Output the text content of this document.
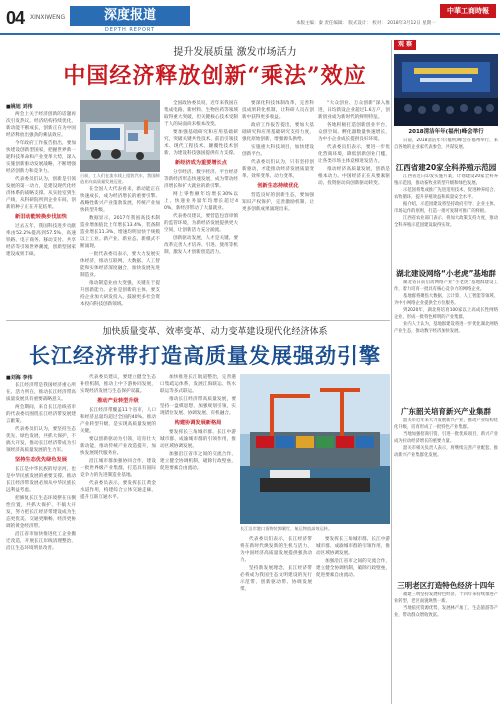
04 XINXIWENG	深度报道
DEPTH REPORT
本版主编：秦 责任编辑： 版式设计： 校对： 2018年3月12日 星期一
中華工商時報
提升发展质量 激发市场活力
中国经济释放创新“乘法”效应
■姚旭 刘伟

两会上关于经济创新的话题再次引发热议。经济结构持续优化，新动能不断成长，创新正在为中国经济释放出强劲的乘法效应。

今年政府工作报告指出，要加快建设创新型国家，把握世界新一轮科技革命和产业变革大势，深入实施创新驱动发展战略，不断增强经济创新力和竞争力。

代表委员们认为，创新是引领发展的第一动力，是建设现代化经济体系的战略支撑。从实验室到生产线，从科研院所到企业车间，创新的种子正在开花结果。

新旧动能转换步伐加快

过去五年，我国科技进步贡献率由52.2%提高到57.5%，高速铁路、电子商务、移动支付、共享经济等引领世界潮流，创新型国家建设成果丰硕。

日前，工人们在流水线上组装汽车，我国制造业向高质量发展迈进。

在全国人大代表看来，新动能正在快速成长，成为经济增长的重要引擎。战略性新兴产业蓬勃发展，传统产业加快转型升级。

数据显示，2017年我国高技术制造业增加值比上年增长13.4%，装备制造业增长11.3%，增速均明显快于规模以上工业。新产业、新业态、新模式不断涌现。

一批代表委员表示，要大力发展实体经济，推动互联网、大数据、人工智能和实体经济深度融合，加快发展先进制造业。

推动制造业由大变强，关键在于提升创新能力。企业是创新的主体，要支持企业加大研发投入，鼓励更多社会资本投向科技创新领域。

全国政协委员说，近年来我国在集成电路、新材料、生物医药等领域取得重大突破，但关键核心技术受制于人的局面尚未根本改变。

要加强基础研究和应用基础研究，突破关键共性技术、前沿引领技术、现代工程技术、颠覆性技术创新，为建设科技强国提供有力支撑。

新经济成为重要增长点

分享经济、数字经济、平台经济等新经济形态快速发展，成为带动经济增长和扩大就业的新引擎。

网上零售额年均增长30%以上，快递业务量年均增长超过40%，新经济带动了大量就业。

代表委员建议，要营造包容审慎的监管环境，为新经济发展提供更大空间，让创新活力充分涌流。

创新驱动发展，人才是关键。要改革完善人才培养、引进、使用等机制，激发人才创新创造活力。

要深化科技体制改革，完善科技成果转化机制，让科研人员在创新中获得更多收益。

政府工作报告提出，要加大基础研究和应用基础研究支持力度，强化原始创新，增强源头供给。

实施重大科技项目，加快建设创新平台。

代表委员们认为，只有坚持创新驱动，才能推动经济发展质量变革、效率变革、动力变革。

创新生态持续优化

营造良好的创新生态，要加强知识产权保护，完善激励机制，让更多创新成果涌现出来。

“大众创业、万众创新”深入推进，日均新设企业超过1.6万户，创新创业成为新时代的鲜明特征。

各地积极打造创新创业平台，众创空间、孵化器数量快速增长，为中小企业成长提供良好环境。

代表委员们表示，要进一步优化营商环境，降低创新创业门槛，让各类市场主体竞相迸发活力。

推动经济高质量发展，创新是根本动力。中国经济正在从要素驱动、投资驱动向创新驱动转变。

加快质量变革、效率变革、动力变革建设现代化经济体系
长江经济带打造高质量发展强劲引擎
■刘海 李伟

长江经济带是我国经济重心所在、活力所在，推动长江经济带高质量发展具有重要战略意义。

两会期间，来自长江沿线省市的代表委员围绕长江经济带发展建言献策。

代表委员们认为，要坚持生态优先、绿色发展，共抓大保护，不搞大开发，推动长江经济带成为引领经济高质量发展的生力军。

坚持生态优先绿色发展

长江是中华民族的母亲河，也是中华民族发展的重要支撑。推动长江经济带发展必须从中华民族长远利益考虑。

把修复长江生态环境摆在压倒性位置，共抓大保护、不搞大开发，努力把长江经济带建设成为生态更优美、交通更顺畅、经济更协调的黄金经济带。

沿江省市加快推进化工企业搬迁改造，开展长江岸线清理整治，沿江生态环境明显改善。

代表委员建议，要建立健全生态补偿机制，推动上中下游协同发展，实现经济发展与生态保护双赢。

推动产业转型升级

长江经济带覆盖11个省市，人口和经济总量均超过全国的40%。推动产业转型升级，是实现高质量发展的关键。

要以创新驱动为引领，培育壮大新动能，推动传统产业改造提升，加快发展现代服务业。

沿江城市群加强协同合作，建设一批世界级产业集群，打造具有国际竞争力的先进制造业基地。

代表委员表示，要发挥长江黄金水道作用，构建综合立体交通走廊，提升互联互通水平。

加快推进长江航道整治，完善港口集疏运体系，发展江海联运、铁水联运等多式联运。

推动长江经济带高质量发展，要坚持一盘棋思想，加强规划引领，实现错位发展、协调发展、有机融合。

构建协调发展新格局

要发挥长三角城市群、长江中游城市群、成渝城市群的引领作用，推动区域协调发展。

加强沿江省市之间的交流合作，建立健全协调机制，破除行政壁垒，促进要素自由流动。

长江沿岸港口货物装卸繁忙，航运物流高效运转。

代表委员们表示，长江经济带将在新时代焕发新的生机与活力，为中国经济高质量发展提供强劲动力。

坚持新发展理念，长江经济带必将成为我国生态文明建设的先行示范带、创新驱动带、协调发展带。

要发挥长三角城市群、长江中游城市群、成渝城市群的引领作用，推动区域协调发展。

加强沿江省市之间的交流合作，建立健全协调机制，破除行政壁垒，促进要素自由流动。

观 察
2018清洁年年(福州)峰会举行

日前，2018清洁年年(福州)峰会在福州举行，来自各地的企业家代表参会，共谋发展。

江西省建20家全科养殖示范园

江西省近日印发实施方案，计划建设20家全科养殖示范园，推动畜牧业转型升级和绿色发展。

示范园将集成推广先进适用技术，促进种养结合、农牧循环，提升养殖效益和质量安全水平。

据介绍，示范园建设将坚持政府引导、企业主体、市场运作的原则，打造一批可复制可推广的样板。

江西省农业部门表示，将加大政策支持力度，推动全科养殖示范园建设取得实效。

湖北建设网络“小老虎”基地群

湖北省日前启动网络产业“小老虎”基地群建设工作，着力培育一批具有核心竞争力的网络企业。

基地群将聚焦大数据、云计算、人工智能等领域，为中小网络企业提供全方位服务。

到2020年，湖北将培育100家以上高成长性网络企业，形成一批特色鲜明的产业集群。

业内人士认为，基地群建设将进一步优化湖北网络产业生态，推动数字经济加快发展。

广东韶关培育新兴产业集群

韶关市近年来大力发展新兴产业，推动产业结构优化升级，培育形成了一批特色产业集群。

当地加强招商引资，引进一批优质项目，新兴产业成为拉动经济增长的重要力量。

韶关市相关负责人表示，将继续完善产业配套，推动新兴产业集群化发展。

三明老区打造特色经济十四年

福建三明坚持发展特色经济，十四年来持续推进产业转型，老区面貌焕然一新。

当地依托资源优势，发展林产加工、生态旅游等产业，带动群众增收致富。
